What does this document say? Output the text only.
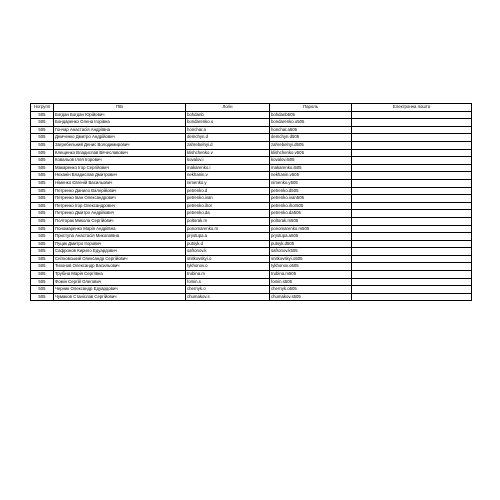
Ногрупп	ПІБ	Логін	Пароль	Електронна пошта
505	Богдан Богдан Юрійович	bohdanb	bohdanb505	
505	Бондаренко Олена Ігорівна	bondarenko.o	bondarenko.o505	
505	Гончар Анастасія Андріївна	honchar.a	honchar.a505	
505	Демченко Дмитро Андрійович	demchyn.d	demchyn.d505	
505	Загребельний Денис Володимирович	zahrebelnyi.d	zahrebelnyi.d505	
505	Клещенко Владислав Вячеславович	klishchenko.v	klishchenko.v505	
505	Ковальов Ілля Ігорович	kovalov.i	kovalov.i505	
505	Макаренко Ігор Сергійович	makarenko.i	makarenko.i505	
505	Неханін Владислав Дмитрович	nekhanin.v	nekhanin.v505	
505	Німенко Євгеній Васильович	nimenko.y	nimenko.y505	
505	Петренко Данило Валерійович	petrenko.d	petrenko.d505	
505	Петренко Іван Олександрович	petrenko.ivan	petrenko.ivan505	
505	Петренко Ігор Олександрович	petrenko.ihor	petrenko.ihor505	
505	Петренко Дмитро Андрійович	petrenko.da	petrenko.da505	
505	Полторак Микола Сергійович	poltorak.m	poltorak.m505	
505	Пономаренко Марія Андріївна	ponomarenko.m	ponomarenko.m505	
505	Приступа Анастасія Миколаївна	prystupa.a	prystupa.a505	
505	Пуцик Дмитро Ігорович	putsyk.d	putsyk.d505	
505	Сафронов Кирило Едуардович	safronov.k	safronov.k505	
505	Снітковський Олександр Сергійович	snitkovskyi.o	snitkovskyi.o505	
505	Тихонов Олександр Васильович	tykhonov.o	tykhonov.o505	
505	Трубіна Марія Сергіївна	trubina.m	trubina.m505	
505	Фомін Сергій Олегович	fomin.s	fomin.s505	
505	Черник Олександр Едуардович	chernyk.o	chernyk.o505	
505	Чумаков Станіслав Сергійович	chumakov.s	chumakov.s505	
